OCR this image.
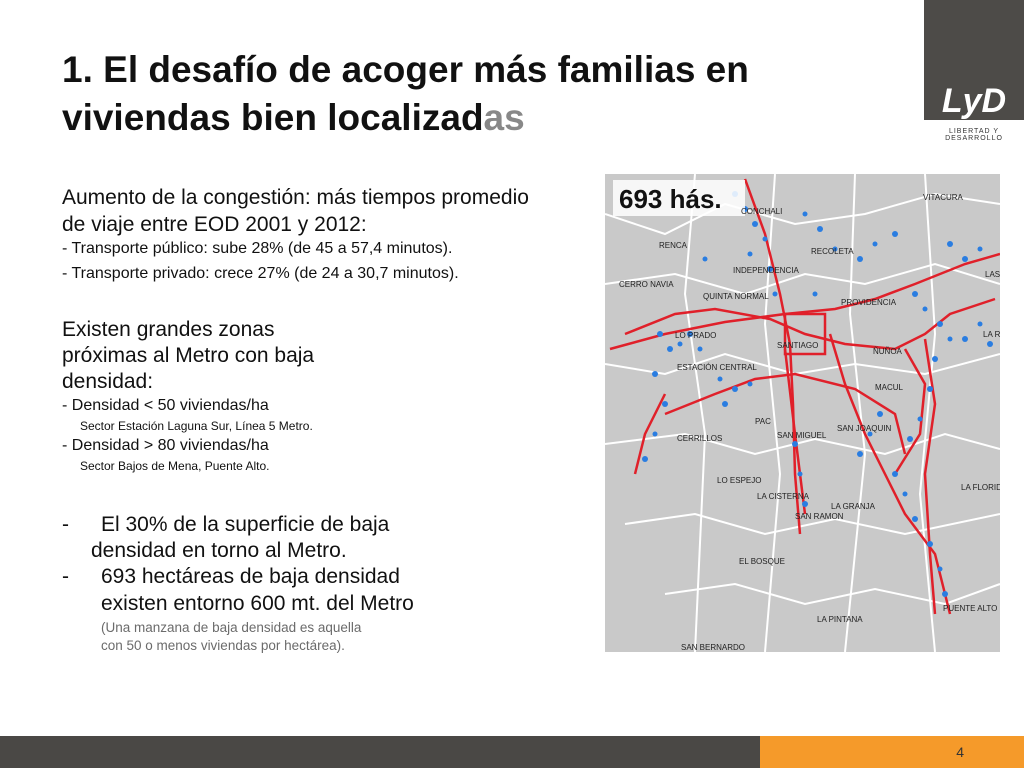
LyD
LIBERTAD Y DESARROLLO
1. El desafío de acoger más familias en
viviendas bien localizadas
Aumento de la congestión: más tiempos promedio
de viaje entre EOD 2001 y 2012:
- Transporte público: sube 28% (de 45 a 57,4 minutos).
- Transporte privado: crece 27% (de 24 a 30,7 minutos).
Existen grandes zonas
próximas al Metro con baja
densidad:
- Densidad < 50 viviendas/ha
Sector Estación Laguna Sur, Línea 5 Metro.
- Densidad > 80 viviendas/ha
Sector Bajos de Mena, Puente Alto.
- El 30% de la superficie de baja
densidad en torno al Metro.
- 693 hectáreas de baja densidad
existen entorno 600 mt. del Metro
(Una manzana de baja densidad es aquella
con 50 o menos viviendas por hectárea).
693 hás. CONCHALI
VITACURA
RENCA
RECOLETA
INDEPENDENCIA	LAS
CERRO NAVIA
QUINTA NORMAL
PROVIDENCIA
LA R
LO PRADO
SANTIAGO
ÑUÑOA
ESTACIÓN CENTRAL
MACUL
PAC
SAN JOAQUIN
CERRILLOS	SAN MIGUEL
LO ESPEJO
LA FLORID
LA CISTERNA
LA GRANJA
SAN RAMON
EL BOSQUE
PUENTE ALTO
LA PINTANA
SAN BERNARDO
4
